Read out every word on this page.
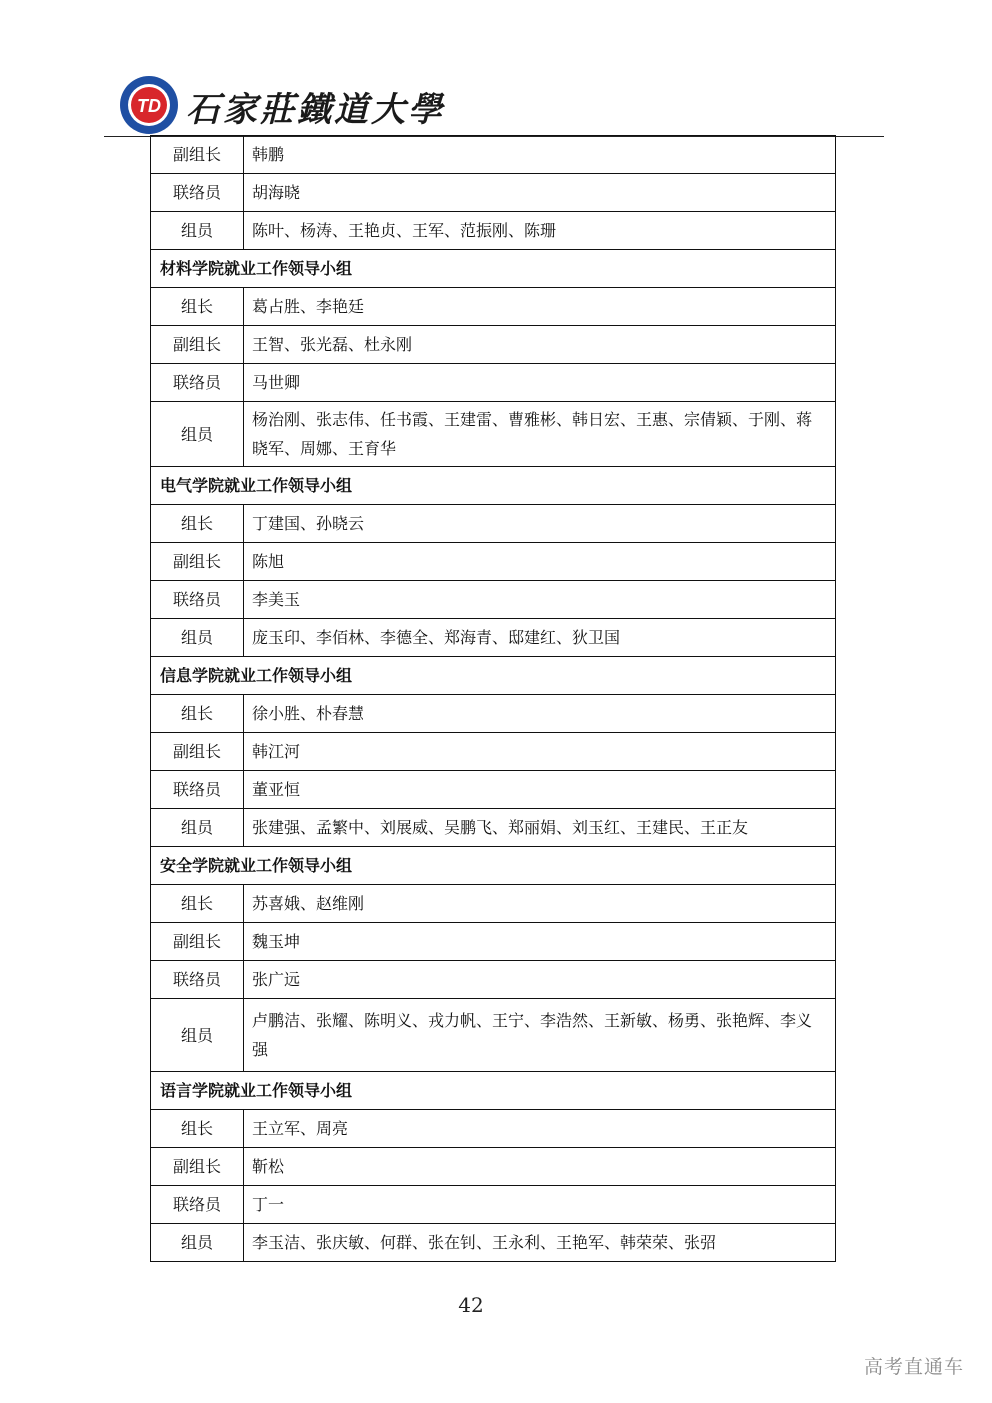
TD 石家莊鐵道大學
副组长	韩鹏
联络员	胡海晓
组员	陈叶、杨涛、王艳贞、王军、范振刚、陈珊
材料学院就业工作领导小组	
组长	葛占胜、李艳廷
副组长	王智、张光磊、杜永刚
联络员	马世卿
组员	杨治刚、张志伟、任书霞、王建雷、曹雅彬、韩日宏、王惠、宗倩颖、于刚、蒋晓军、周娜、王育华
电气学院就业工作领导小组	
组长	丁建国、孙晓云
副组长	陈旭
联络员	李美玉
组员	庞玉印、李佰林、李德全、郑海青、邸建红、狄卫国
信息学院就业工作领导小组	
组长	徐小胜、朴春慧
副组长	韩江河
联络员	董亚恒
组员	张建强、孟繁中、刘展威、吴鹏飞、郑丽娟、刘玉红、王建民、王正友
安全学院就业工作领导小组	
组长	苏喜娥、赵维刚
副组长	魏玉坤
联络员	张广远
组员	卢鹏洁、张耀、陈明义、戎力帆、王宁、李浩然、王新敏、杨勇、张艳辉、李义强
语言学院就业工作领导小组	
组长	王立军、周亮
副组长	靳松
联络员	丁一
组员	李玉洁、张庆敏、何群、张在钊、王永利、王艳军、韩荣荣、张弨
42
高考直通车
